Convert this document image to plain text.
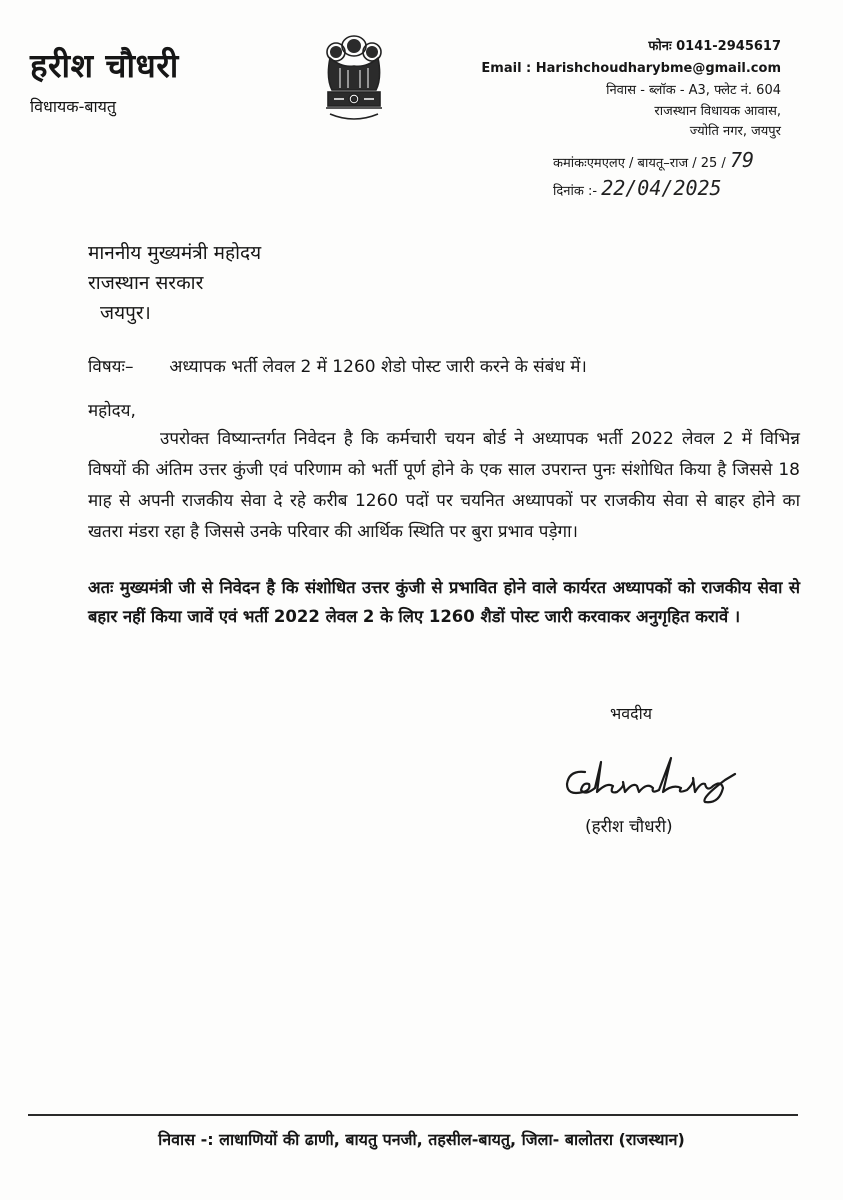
हरीश चौधरी
विधायक-बायतु
फोनः 0141-2945617
Email : Harishchoudharybme@gmail.com
निवास - ब्लॉक - A3, फ्लेट नं. 604
राजस्थान विधायक आवास,
ज्योति नगर, जयपुर
कमांकःएमएलए / बायतू–राज / 25 / 79
दिनांक :- 22/04/2025
माननीय मुख्यमंत्री महोदय
राजस्थान सरकार
जयपुर।
विषयः– अध्यापक भर्ती लेवल 2 में 1260 शेडो पोस्ट जारी करने के संबंध में।
महोदय,

उपरोक्त विष्यान्तर्गत निवेदन है कि कर्मचारी चयन बोर्ड ने अध्यापक भर्ती 2022 लेवल 2 में विभिन्न विषयों की अंतिम उत्तर कुंजी एवं परिणाम को भर्ती पूर्ण होने के एक साल उपरान्त पुनः संशोधित किया है जिससे 18 माह से अपनी राजकीय सेवा दे रहे करीब 1260 पदों पर चयनित अध्यापकों पर राजकीय सेवा से बाहर होने का खतरा मंडरा रहा है जिससे उनके परिवार की आर्थिक स्थिति पर बुरा प्रभाव पड़ेगा।

अतः मुख्यमंत्री जी से निवेदन है कि संशोधित उत्तर कुंजी से प्रभावित होने वाले कार्यरत अध्यापकों को राजकीय सेवा से बहार नहीं किया जावें एवं भर्ती 2022 लेवल 2 के लिए 1260 शैडों पोस्ट जारी करवाकर अनुगृहित करावें ।

भवदीय
(हरीश चौधरी)
निवास -: लाधाणियों की ढाणी, बायतु पनजी, तहसील-बायतु, जिला- बालोतरा (राजस्थान)
